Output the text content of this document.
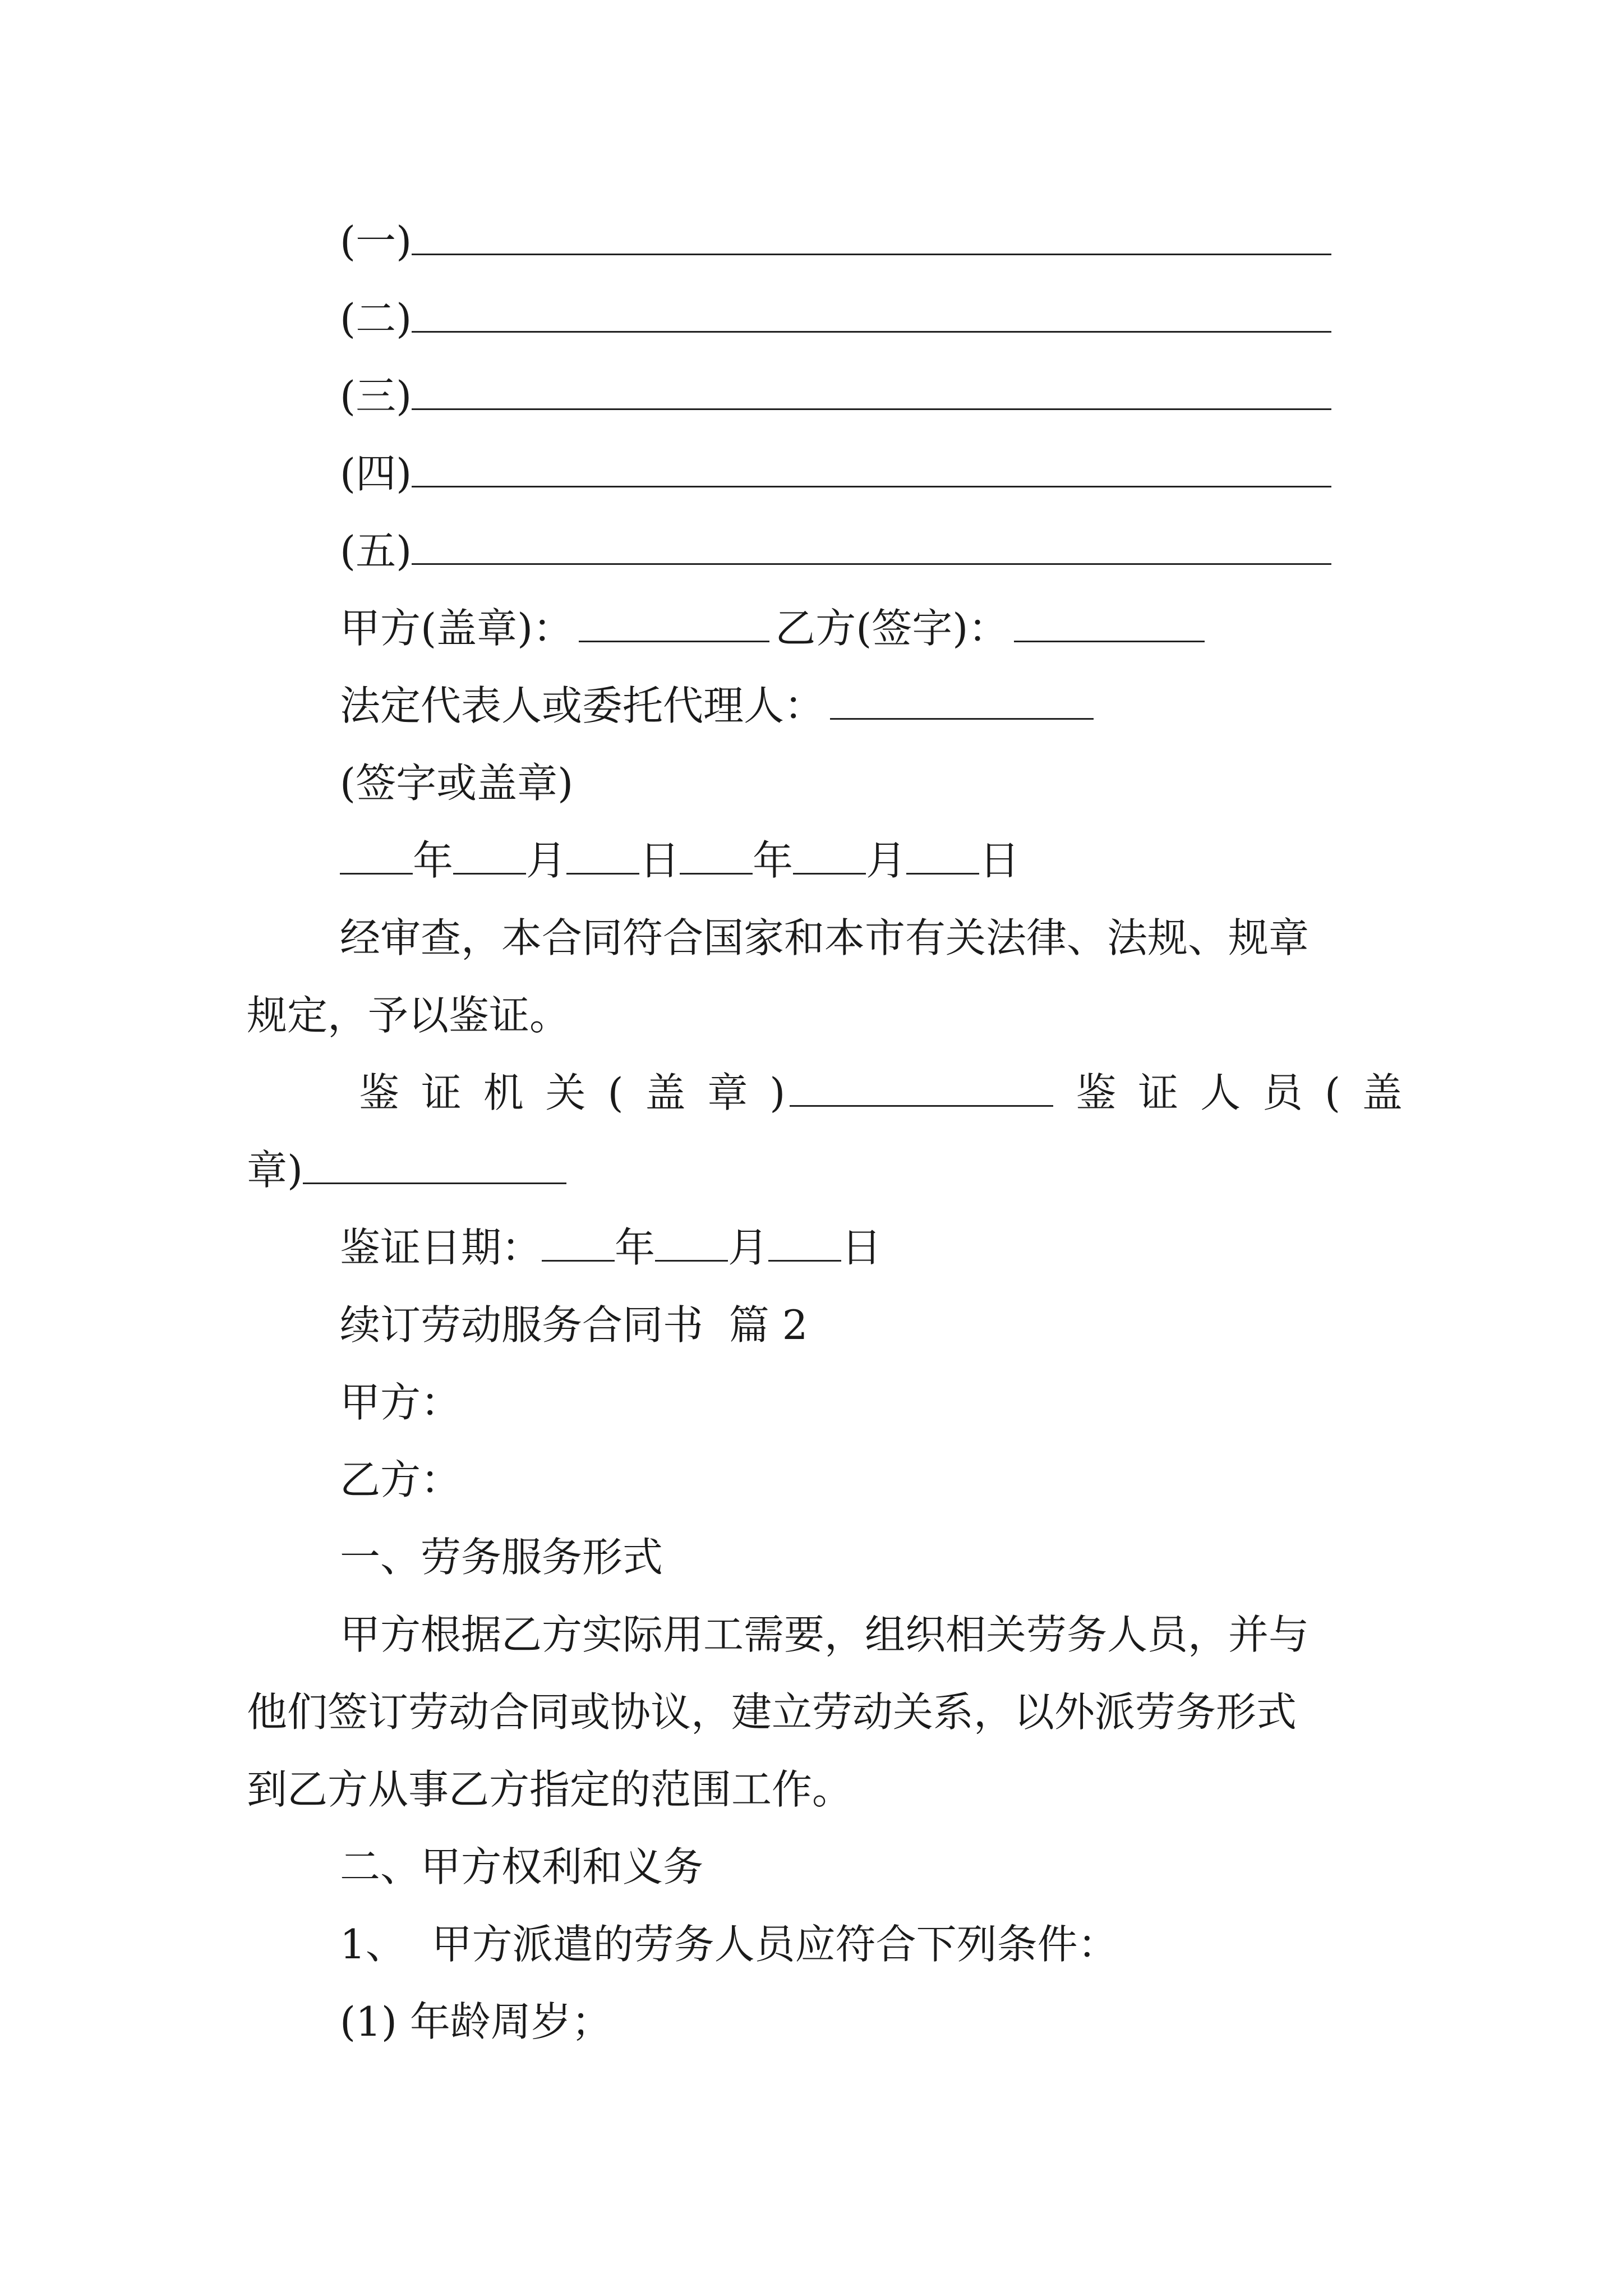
(一)
(二)
(三)
(四)
(五)
甲方(盖章)：	乙方(签字)：
法定代表人或委托代理人：
(签字或盖章)
年 月 日 年 月 日
经审查，本合同符合国家和本市有关法律、法规、规章
规定，予以鉴证。
鉴 证 机 关 ( 盖 章 )	鉴 证 人 员 ( 盖
章)
鉴证日期： 年 月 日
续订劳动服务合同书  篇 2
甲方：
乙方：
一、劳务服务形式
甲方根据乙方实际用工需要，组织相关劳务人员，并与
他们签订劳动合同或协议，建立劳动关系，以外派劳务形式
到乙方从事乙方指定的范围工作。
二、甲方权利和义务
1、  甲方派遣的劳务人员应符合下列条件：
(1) 年龄周岁；
